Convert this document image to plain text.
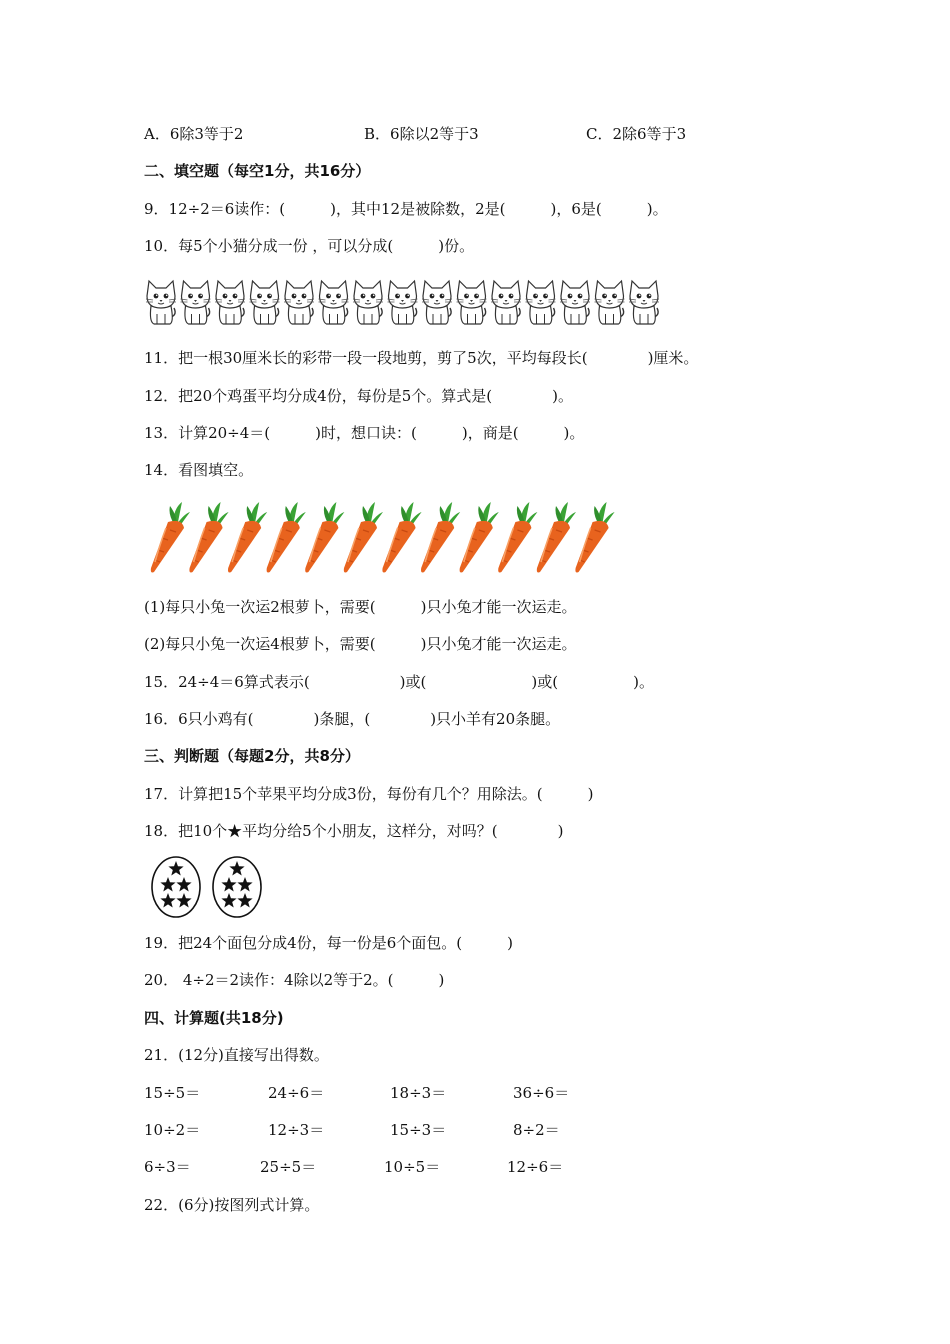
A．6除3等于2	B．6除以2等于3	C．2除6等于3
二、填空题（每空1分，共16分）
9．12÷2＝6读作：(　　　)，其中12是被除数，2是(　　　)，6是(　　　)。
10．每5个小猫分成一份 ，可以分成(　　　)份。
11．把一根30厘米长的彩带一段一段地剪，剪了5次，平均每段长(　　　　)厘米。
12．把20个鸡蛋平均分成4份，每份是5个。算式是(　　　　)。
13．计算20÷4＝(　　　)时，想口诀：(　　　)，商是(　　　)。
14．看图填空。
(1)每只小兔一次运2根萝卜，需要(　　　)只小兔才能一次运走。
(2)每只小兔一次运4根萝卜，需要(　　　)只小兔才能一次运走。
15．24÷4＝6算式表示(　　　　　　)或(　　　　　　　)或(　　　　　)。
16．6只小鸡有(　　　　)条腿，(　　　　)只小羊有20条腿。
三、判断题（每题2分，共8分）
17．计算把15个苹果平均分成3份，每份有几个？用除法。(　　　)
18．把10个★平均分给5个小朋友，这样分，对吗？(　　　　)
19．把24个面包分成4份，每一份是6个面包。(　　　)
20． 4÷2＝2读作：4除以2等于2。(　　　)
四、计算题(共18分)
21．(12分)直接写出得数。
15÷5＝	24÷6＝	18÷3＝	36÷6＝
10÷2＝	12÷3＝	15÷3＝	8÷2＝
6÷3＝	25÷5＝	10÷5＝	12÷6＝
22．(6分)按图列式计算。
